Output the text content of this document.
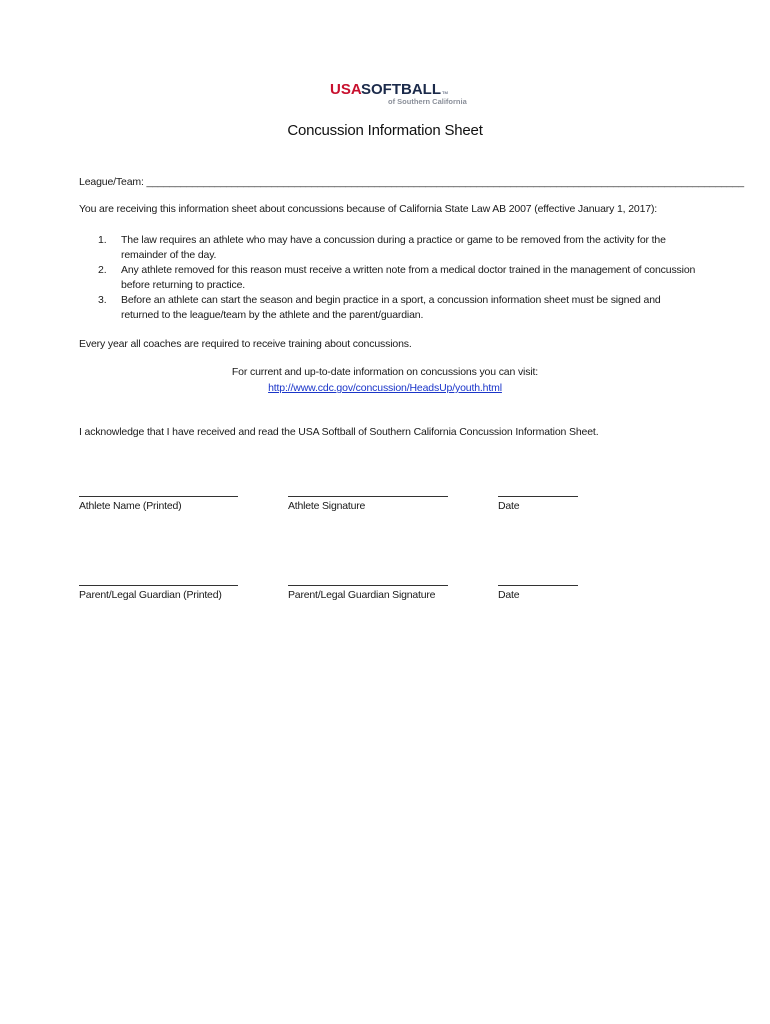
USA SOFTBALL TM
of Southern California
Concussion Information Sheet
League/Team: _________________________________________________________________________________________________________
You are receiving this information sheet about concussions because of California State Law AB 2007 (effective January 1, 2017):
1. The law requires an athlete who may have a concussion during a practice or game to be removed from the activity for the remainder of the day.
2. Any athlete removed for this reason must receive a written note from a medical doctor trained in the management of concussion before returning to practice.
3. Before an athlete can start the season and begin practice in a sport, a concussion information sheet must be signed and returned to the league/team by the athlete and the parent/guardian.
Every year all coaches are required to receive training about concussions.
For current and up-to-date information on concussions you can visit:
http://www.cdc.gov/concussion/HeadsUp/youth.html
I acknowledge that I have received and read the USA Softball of Southern California Concussion Information Sheet.
Athlete Name (Printed)	Athlete Signature	Date
Parent/Legal Guardian (Printed)	Parent/Legal Guardian Signature	Date
